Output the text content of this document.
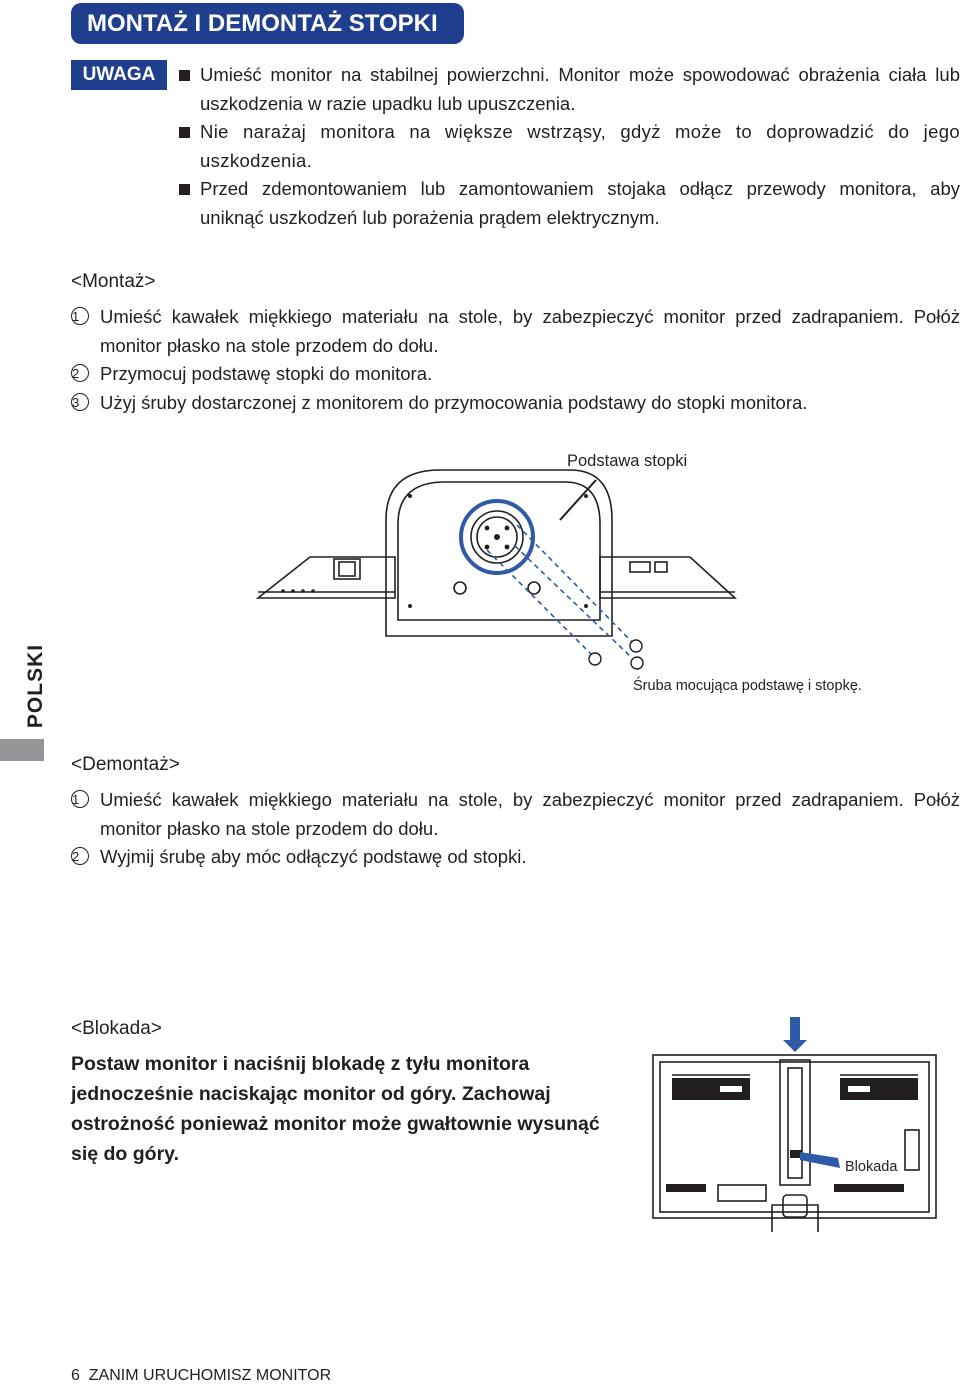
MONTAŻ I DEMONTAŻ STOPKI
UWAGA	Umieść monitor na stabilnej powierzchni. Monitor może spowodować obrażenia ciała lub uszkodzenia w razie upadku lub upuszczenia.
Nie narażaj monitora na większe wstrząsy, gdyż może to doprowadzić do jego uszkodzenia.
Przed zdemontowaniem lub zamontowaniem stojaka odłącz przewody monitora, aby uniknąć uszkodzeń lub porażenia prądem elektrycznym.
<Montaż>
1	Umieść kawałek miękkiego materiału na stole, by zabezpieczyć monitor przed zadrapaniem. Połóż monitor płasko na stole przodem do dołu.
2	Przymocuj podstawę stopki do monitora.
3	Użyj śruby dostarczonej z monitorem do przymocowania podstawy do stopki monitora.
Podstawa stopki
Śruba mocująca podstawę i stopkę.
POLSKI
<Demontaż>
1	Umieść kawałek miękkiego materiału na stole, by zabezpieczyć monitor przed zadrapaniem. Połóż monitor płasko na stole przodem do dołu.
2	Wyjmij śrubę aby móc odłączyć podstawę od stopki.
<Blokada>
Postaw monitor i naciśnij blokadę z tyłu monitora jednocześnie naciskając monitor od góry. Zachowaj ostrożność ponieważ monitor może gwałtownie wysunąć się do góry.
Blokada
6 ZANIM URUCHOMISZ MONITOR
